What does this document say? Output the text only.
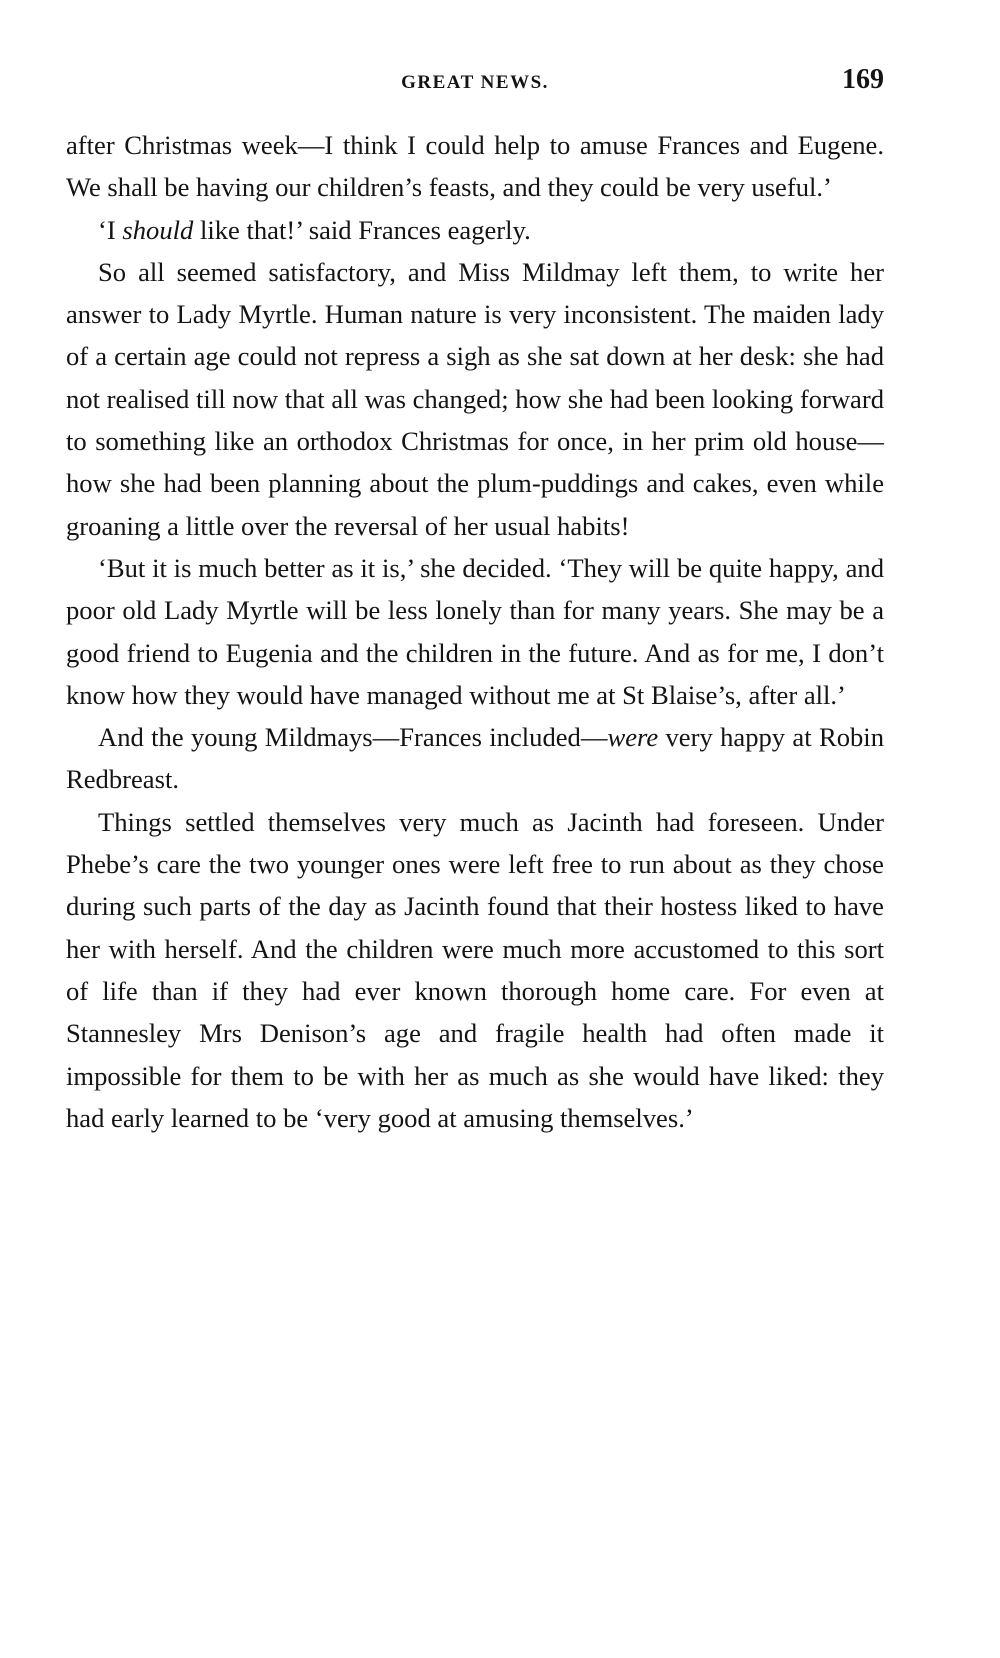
GREAT NEWS.	169

after Christmas week—I think I could help to amuse Frances and Eugene. We shall be having our children’s feasts, and they could be very useful.’

‘I should like that!’ said Frances eagerly.

So all seemed satisfactory, and Miss Mildmay left them, to write her answer to Lady Myrtle. Human nature is very inconsistent. The maiden lady of a certain age could not repress a sigh as she sat down at her desk: she had not realised till now that all was changed; how she had been looking forward to something like an orthodox Christmas for once, in her prim old house—how she had been planning about the plum-puddings and cakes, even while groaning a little over the reversal of her usual habits!

‘But it is much better as it is,’ she decided. ‘They will be quite happy, and poor old Lady Myrtle will be less lonely than for many years. She may be a good friend to Eugenia and the children in the future. And as for me, I don’t know how they would have managed without me at St Blaise’s, after all.’

And the young Mildmays—Frances included—were very happy at Robin Redbreast.

Things settled themselves very much as Jacinth had foreseen. Under Phebe’s care the two younger ones were left free to run about as they chose during such parts of the day as Jacinth found that their hostess liked to have her with herself. And the children were much more accustomed to this sort of life than if they had ever known thorough home care. For even at Stannesley Mrs Denison’s age and fragile health had often made it impossible for them to be with her as much as she would have liked: they had early learned to be ‘very good at amusing themselves.’
